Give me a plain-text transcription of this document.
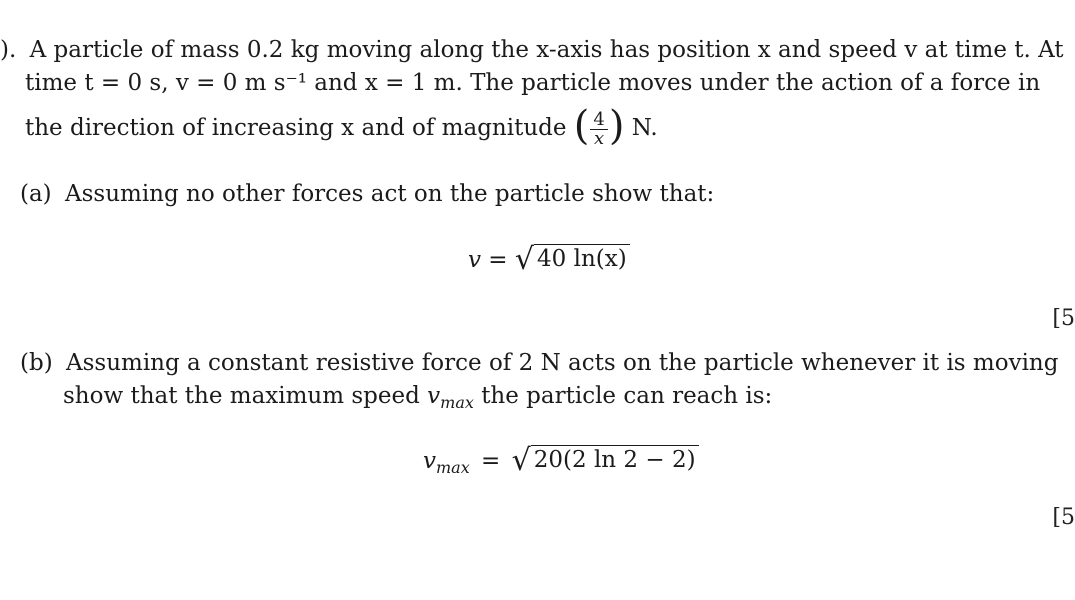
). A particle of mass 0.2 kg moving along the x-axis has position x and speed v at time t. At
time t = 0 s, v = 0 m s⁻¹ and x = 1 m. The particle moves under the action of a force in
the direction of increasing x and of magnitude ( $\frac{4}{x}$ ) N.
(a) Assuming no other forces act on the particle show that:
v = √ 40 ln(x)
[5
(b) Assuming a constant resistive force of 2 N acts on the particle whenever it is moving
show that the maximum speed $v_{max}$ the particle can reach is:
$v_{max}$ = √ 20(2 ln 2 − 2)
[5
